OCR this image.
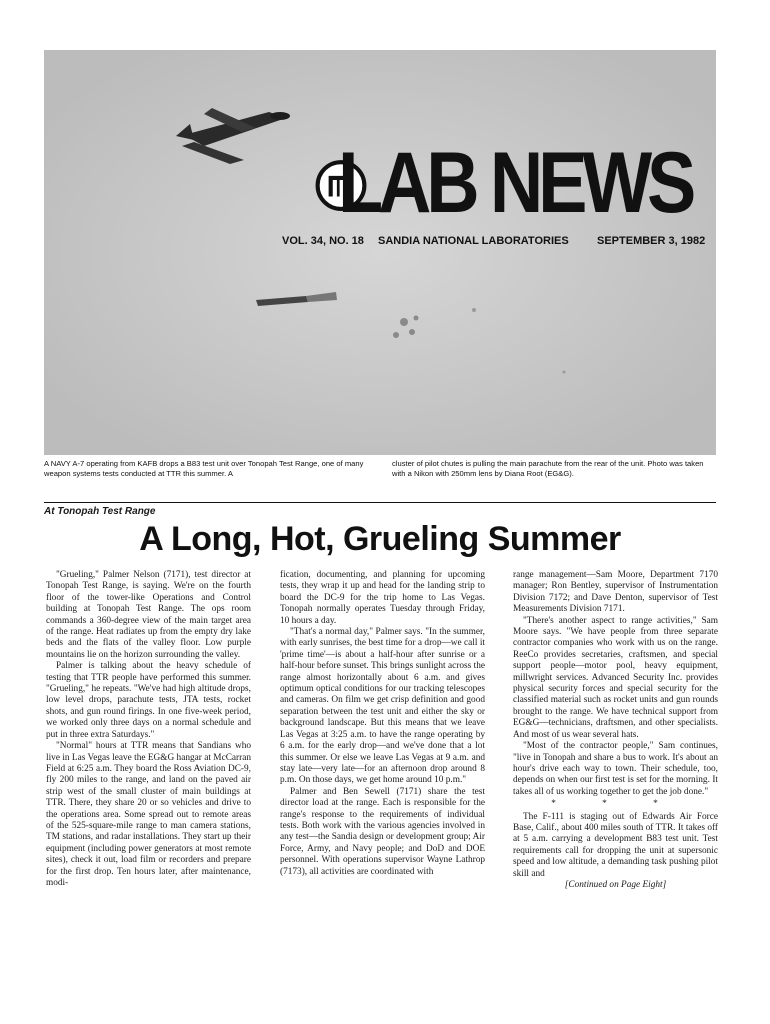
LAB NEWS
VOL. 34, NO. 18 SANDIA NATIONAL LABORATORIES	SEPTEMBER 3, 1982
A NAVY A-7 operating from KAFB drops a B83 test unit over Tonopah Test Range, one of many weapon systems tests conducted at TTR this summer. A
cluster of pilot chutes is pulling the main parachute from the rear of the unit. Photo was taken with a Nikon with 250mm lens by Diana Root (EG&G).
At Tonopah Test Range
A Long, Hot, Grueling Summer

"Grueling," Palmer Nelson (7171), test director at Tonopah Test Range, is saying. We're on the fourth floor of the tower-like Operations and Control building at Tonopah Test Range. The ops room commands a 360-degree view of the main target area of the range. Heat radiates up from the empty dry lake beds and the flats of the valley floor. Low purple mountains lie on the horizon surrounding the valley.

Palmer is talking about the heavy schedule of testing that TTR people have performed this summer. "Grueling," he repeats. "We've had high altitude drops, low level drops, parachute tests, JTA tests, rocket shots, and gun round firings. In one five-week period, we worked only three days on a normal schedule and put in three extra Saturdays."

"Normal" hours at TTR means that Sandians who live in Las Vegas leave the EG&G hangar at McCarran Field at 6:25 a.m. They board the Ross Aviation DC-9, fly 200 miles to the range, and land on the paved air strip west of the small cluster of main buildings at TTR. There, they share 20 or so vehicles and drive to the operations area. Some spread out to remote areas of the 525-square-mile range to man camera stations, TM stations, and radar installations. They start up their equipment (including power generators at most remote sites), check it out, load film or recorders and prepare for the first drop. Ten hours later, after maintenance, modi-

fication, documenting, and planning for upcoming tests, they wrap it up and head for the landing strip to board the DC-9 for the trip home to Las Vegas. Tonopah normally operates Tuesday through Friday, 10 hours a day.

"That's a normal day," Palmer says. "In the summer, with early sunrises, the best time for a drop—we call it 'prime time'—is about a half-hour after sunrise or a half-hour before sunset. This brings sunlight across the range almost horizontally about 6 a.m. and gives optimum optical conditions for our tracking telescopes and cameras. On film we get crisp definition and good separation between the test unit and either the sky or background landscape. But this means that we leave Las Vegas at 3:25 a.m. to have the range operating by 6 a.m. for the early drop—and we've done that a lot this summer. Or else we leave Las Vegas at 9 a.m. and stay late—very late—for an afternoon drop around 8 p.m. On those days, we get home around 10 p.m."

Palmer and Ben Sewell (7171) share the test director load at the range. Each is responsible for the range's response to the requirements of individual tests. Both work with the various agencies involved in any test—the Sandia design or development group; Air Force, Army, and Navy people; and DoD and DOE personnel. With operations supervisor Wayne Lathrop (7173), all activities are coordinated with

range management—Sam Moore, Department 7170 manager; Ron Bentley, supervisor of Instrumentation Division 7172; and Dave Denton, supervisor of Test Measurements Division 7171.

"There's another aspect to range activities," Sam Moore says. "We have people from three separate contractor companies who work with us on the range. ReeCo provides secretaries, craftsmen, and special support people—motor pool, heavy equipment, millwright services. Advanced Security Inc. provides physical security forces and special security for the classified material such as rocket units and gun rounds brought to the range. We have technical support from EG&G—technicians, draftsmen, and other specialists. And most of us wear several hats.

"Most of the contractor people," Sam continues, "live in Tonopah and share a bus to work. It's about an hour's drive each way to town. Their schedule, too, depends on when our first test is set for the morning. It takes all of us working together to get the job done."

* * *

The F-111 is staging out of Edwards Air Force Base, Calif., about 400 miles south of TTR. It takes off at 5 a.m. carrying a development B83 test unit. Test requirements call for dropping the unit at supersonic speed and low altitude, a demanding task pushing pilot skill and

[Continued on Page Eight]
